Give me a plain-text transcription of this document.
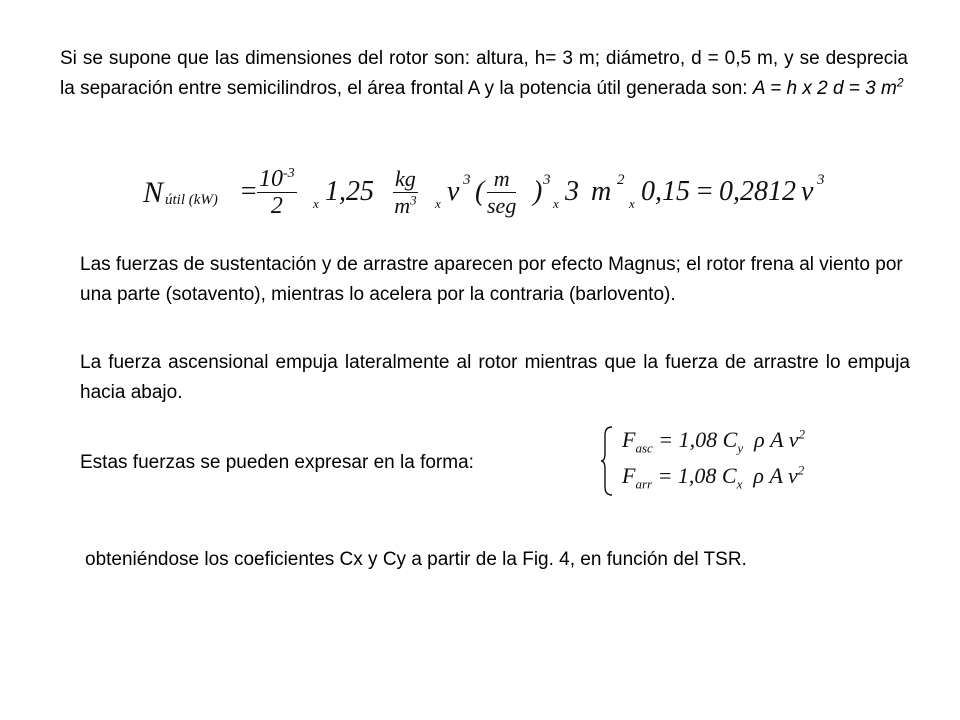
Si se supone que las dimensiones del rotor son: altura, h= 3 m; diámetro, d = 0,5 m, y se desprecia la separación entre semicilindros, el área frontal A y la potencia útil generada son: A = h x 2 d = 3 $m^2$

N útil $(kW) = \frac{10^{-3}}{2}$ x $1,25 \frac{kg}{m^3}$ x v 3 ( m
seg ) 3
x 3 m 2
x 0,15 = 0,2812 v 3

Las fuerzas de sustentación y de arrastre aparecen por efecto Magnus; el rotor frena al viento por una parte (sotavento), mientras lo acelera por la contraria (barlovento).

La fuerza ascensional empuja lateralmente al rotor mientras que la fuerza de arrastre lo empuja hacia abajo.

Estas fuerzas se pueden expresar en la forma:

$F_{asc} = 1,08$ $C_y$ ρ A $v^2$
$F_{arr} = 1,08$ $C_x$ ρ A $v^2$

obteniéndose los coeficientes Cx y Cy a partir de la Fig. 4, en función del TSR.
